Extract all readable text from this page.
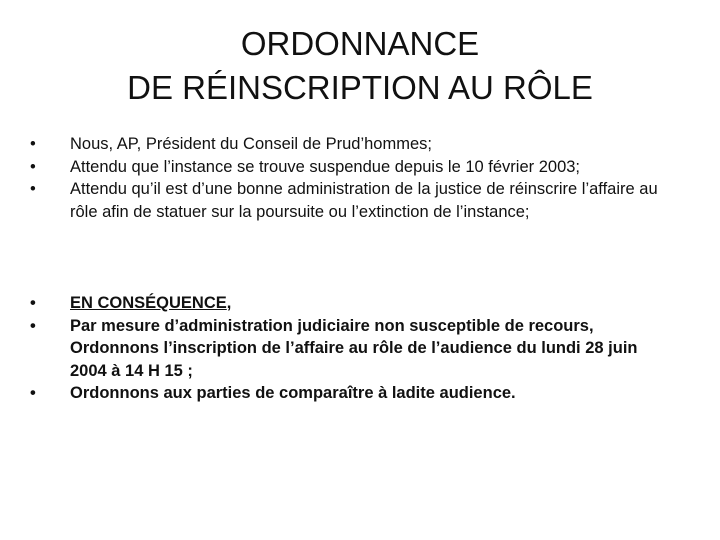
ORDONNANCE
DE RÉINSCRIPTION AU RÔLE
•	Nous, AP, Président du Conseil de Prud’hommes;
•	Attendu que l’instance se trouve suspendue depuis le 10 février 2003;
•	Attendu qu’il est d’une bonne administration de la justice de réinscrire l’affaire au rôle afin de statuer sur la poursuite ou l’extinction de l’instance;
•	EN CONSÉQUENCE,
•	Par mesure d’administration judiciaire non susceptible de recours, Ordonnons l’inscription de l’affaire au rôle de l’audience du lundi 28 juin 2004 à 14 H 15 ;
•	Ordonnons aux parties de comparaître à ladite audience.
